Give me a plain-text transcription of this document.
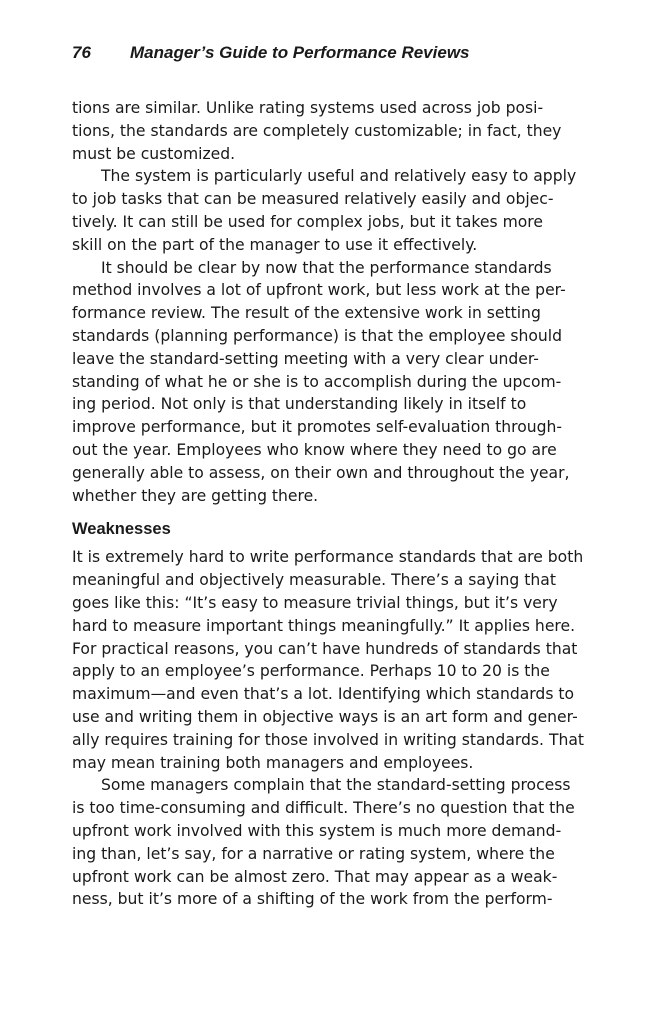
76 Manager’s Guide to Performance Reviews

tions are similar. Unlike rating systems used across job posi-
tions, the standards are completely customizable; in fact, they
must be customized.

The system is particularly useful and relatively easy to apply
to job tasks that can be measured relatively easily and objec-
tively. It can still be used for complex jobs, but it takes more
skill on the part of the manager to use it effectively.

It should be clear by now that the performance standards
method involves a lot of upfront work, but less work at the per-
formance review. The result of the extensive work in setting
standards (planning performance) is that the employee should
leave the standard-setting meeting with a very clear under-
standing of what he or she is to accomplish during the upcom-
ing period. Not only is that understanding likely in itself to
improve performance, but it promotes self-evaluation through-
out the year. Employees who know where they need to go are
generally able to assess, on their own and throughout the year,
whether they are getting there.

Weaknesses

It is extremely hard to write performance standards that are both
meaningful and objectively measurable. There’s a saying that
goes like this: “It’s easy to measure trivial things, but it’s very
hard to measure important things meaningfully.” It applies here.
For practical reasons, you can’t have hundreds of standards that
apply to an employee’s performance. Perhaps 10 to 20 is the
maximum—and even that’s a lot. Identifying which standards to
use and writing them in objective ways is an art form and gener-
ally requires training for those involved in writing standards. That
may mean training both managers and employees.

Some managers complain that the standard-setting process
is too time-consuming and difficult. There’s no question that the
upfront work involved with this system is much more demand-
ing than, let’s say, for a narrative or rating system, where the
upfront work can be almost zero. That may appear as a weak-
ness, but it’s more of a shifting of the work from the perform-
